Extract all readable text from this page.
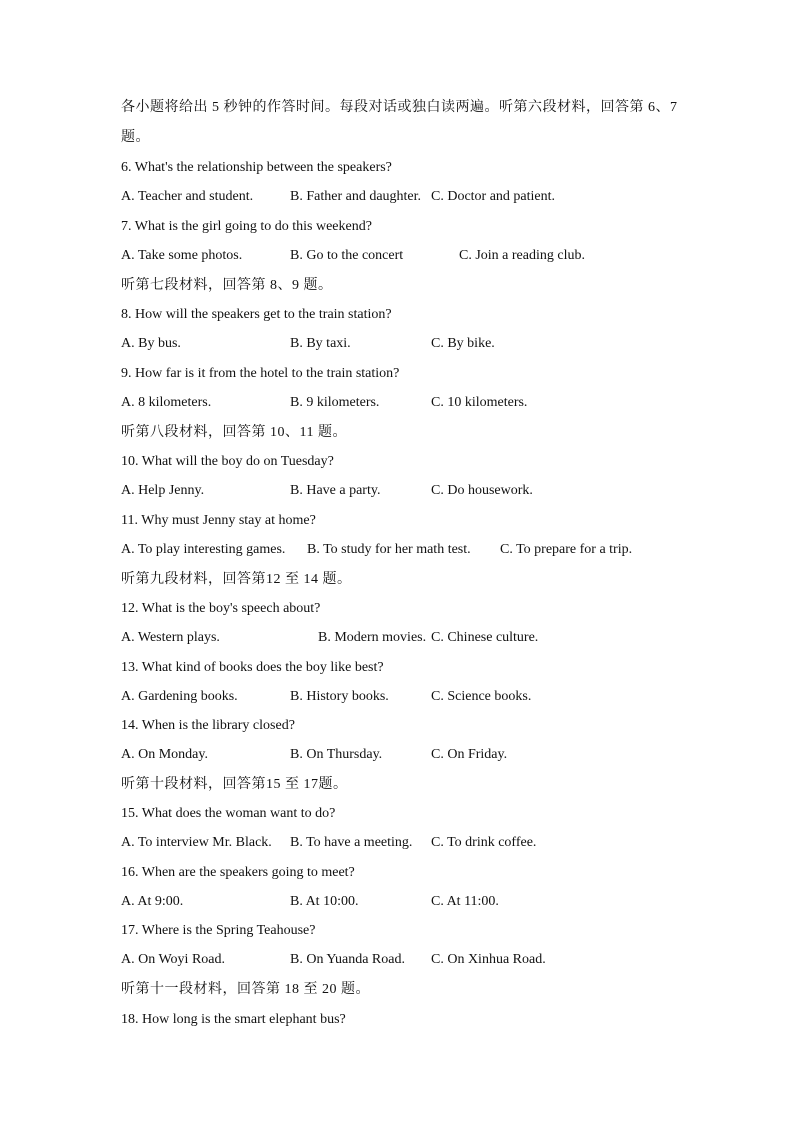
各小题将给出 5 秒钟的作答时间。每段对话或独白读两遍。听第六段材料，回答第 6、7
题。
6. What's the relationship between the speakers?
A. Teacher and student.	B. Father and daughter. C. Doctor and patient.
7. What is the girl going to do this weekend?
A. Take some photos.	B. Go to the concert	C. Join a reading club.
听第七段材料，回答第 8、9 题。
8. How will the speakers get to the train station?
A. By bus.	B. By taxi.	C. By bike.
9. How far is it from the hotel to the train station?
A. 8 kilometers.	B. 9 kilometers.	C. 10 kilometers.
听第八段材料，回答第 10、11 题。
10. What will the boy do on Tuesday?
A. Help Jenny.	B. Have a party.	C. Do housework.
11. Why must Jenny stay at home?
A. To play interesting games. B. To study for her math test. C. To prepare for a trip.
听第九段材料，回答第12 至 14 题。
12. What is the boy's speech about?
A. Western plays.	B. Modern movies. C. Chinese culture.
13. What kind of books does the boy like best?
A. Gardening books.	B. History books.	C. Science books.
14. When is the library closed?
A. On Monday.	B. On Thursday.	C. On Friday.
听第十段材料，回答第15 至 17题。
15. What does the woman want to do?
A. To interview Mr. Black. B. To have a meeting. C. To drink coffee.
16. When are the speakers going to meet?
A. At 9:00.	B. At 10:00.	C. At 11:00.
17. Where is the Spring Teahouse?
A. On Woyi Road.	B. On Yuanda Road. C. On Xinhua Road.
听第十一段材料，回答第 18 至 20 题。
18. How long is the smart elephant bus?
